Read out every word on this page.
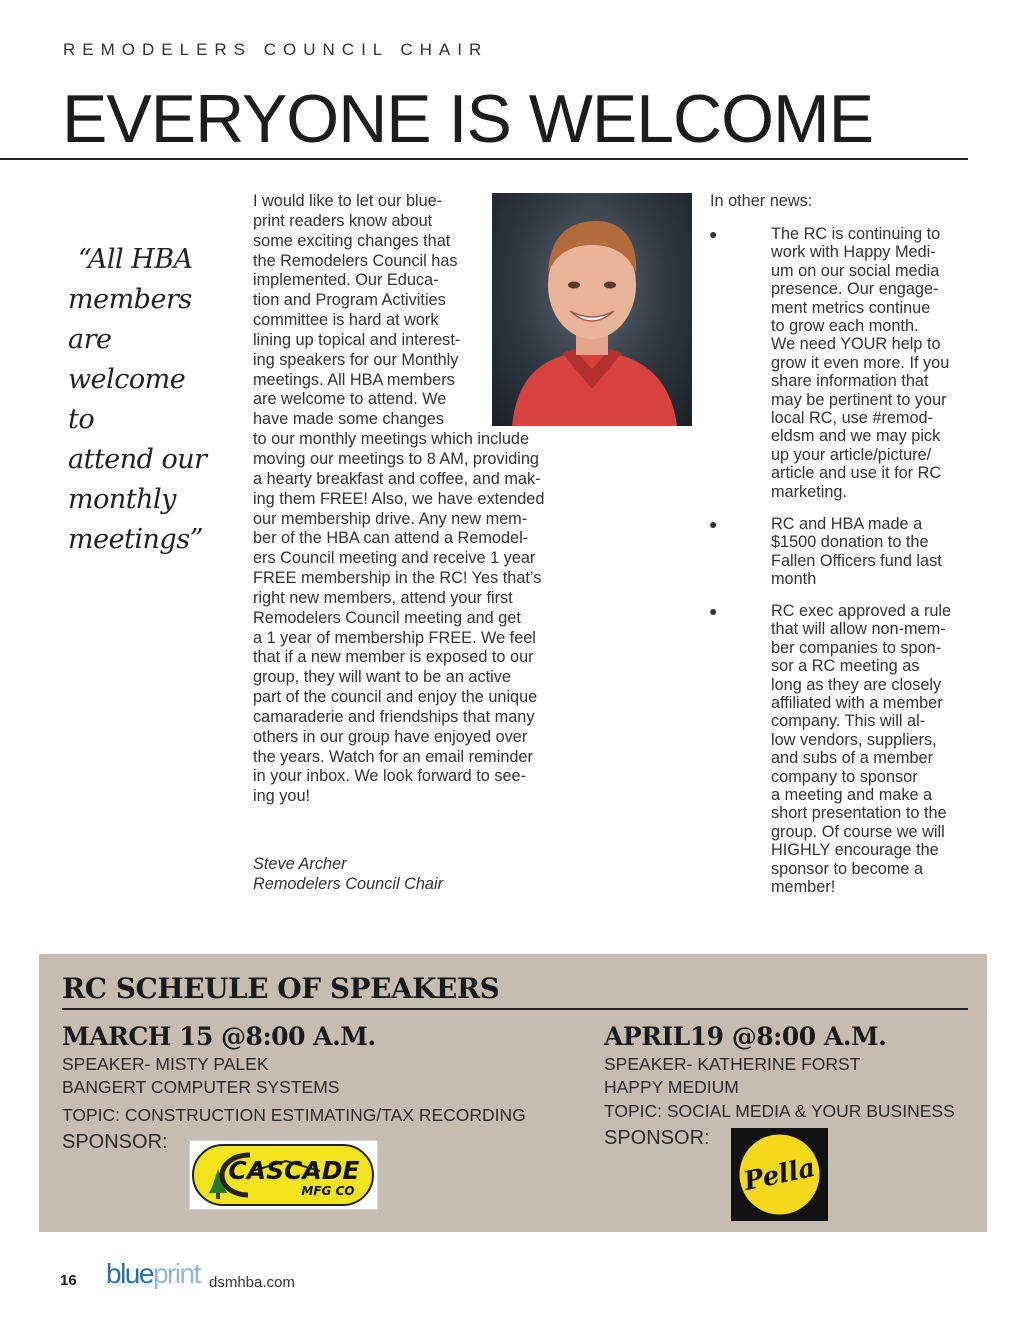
REMODELERS COUNCIL CHAIR
EVERYONE IS WELCOME
“All HBA
members are
welcome to
attend our
monthly
meetings”
I would like to let our blue-
print readers know about
some exciting changes that
the Remodelers Council has
implemented. Our Educa-
tion and Program Activities
committee is hard at work
lining up topical and interest-
ing speakers for our Monthly
meetings. All HBA members
are welcome to attend. We
have made some changes
to our monthly meetings which include
moving our meetings to 8 AM, providing
a hearty breakfast and coffee, and mak-
ing them FREE! Also, we have extended
our membership drive. Any new mem-
ber of the HBA can attend a Remodel-
ers Council meeting and receive 1 year
FREE membership in the RC! Yes that’s
right new members, attend your first
Remodelers Council meeting and get
a 1 year of membership FREE. We feel
that if a new member is exposed to our
group, they will want to be an active
part of the council and enjoy the unique
camaraderie and friendships that many
others in our group have enjoyed over
the years. Watch for an email reminder
in your inbox. We look forward to see-
ing you!
Steve Archer
Remodelers Council Chair
In other news:
●	The RC is continuing to
work with Happy Medi-
um on our social media
presence. Our engage-
ment metrics continue
to grow each month.
We need YOUR help to
grow it even more. If you
share information that
may be pertinent to your
local RC, use #remod-
eldsm and we may pick
up your article/picture/
article and use it for RC
marketing.
●	RC and HBA made a
$1500 donation to the
Fallen Officers fund last
month
●	RC exec approved a rule
that will allow non-mem-
ber companies to spon-
sor a RC meeting as
long as they are closely
affiliated with a member
company. This will al-
low vendors, suppliers,
and subs of a member
company to sponsor
a meeting and make a
short presentation to the
group. Of course we will
HIGHLY encourage the
sponsor to become a
member!
RC SCHEULE OF SPEAKERS
MARCH 15 @8:00 A.M.
SPEAKER- MISTY PALEK
BANGERT COMPUTER SYSTEMS
TOPIC: CONSTRUCTION ESTIMATING/TAX RECORDING
SPONSOR:
CASCADE
MFG CO
APRIL19 @8:00 A.M.
SPEAKER- KATHERINE FORST
HAPPY MEDIUM
TOPIC: SOCIAL MEDIA & YOUR BUSINESS
SPONSOR:
Pella
16 blueprint dsmhba.com
